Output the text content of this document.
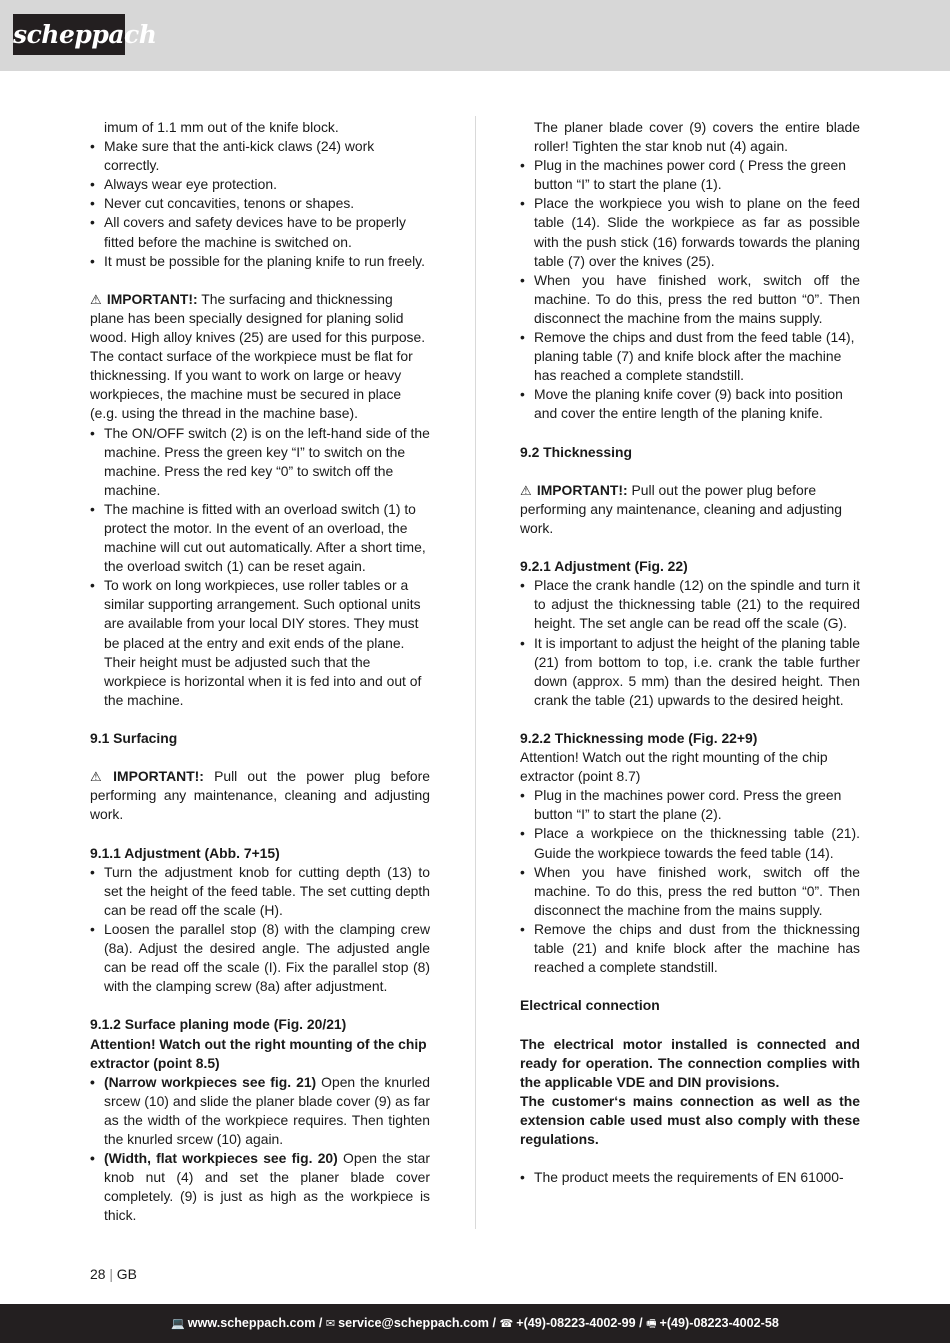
scheppach

imum of 1.1 mm out of the knife block.

• Make sure that the anti-kick claws (24) work correctly.

• Always wear eye protection.

• Never cut concavities, tenons or shapes.

• All covers and safety devices have to be properly fitted before the machine is switched on.

• It must be possible for the planing knife to run freely.

⚠ IMPORTANT!: The surfacing and thicknessing plane has been specially designed for planing solid wood. High alloy knives (25) are used for this purpose. The contact surface of the workpiece must be flat for thicknessing. If you want to work on large or heavy workpieces, the machine must be secured in place (e.g. using the thread in the machine base).

• The ON/OFF switch (2) is on the left-hand side of the machine. Press the green key “I” to switch on the machine. Press the red key “0” to switch off the machine.

• The machine is fitted with an overload switch (1) to protect the motor. In the event of an overload, the machine will cut out automatically. After a short time, the overload switch (1) can be reset again.

• To work on long workpieces, use roller tables or a similar supporting arrangement. Such optional units are available from your local DIY stores. They must be placed at the entry and exit ends of the plane. Their height must be adjusted such that the workpiece is horizontal when it is fed into and out of the machine.

9.1 Surfacing

⚠ IMPORTANT!: Pull out the power plug before performing any maintenance, cleaning and adjusting work.

9.1.1 Adjustment (Abb. 7+15)

• Turn the adjustment knob for cutting depth (13) to set the height of the feed table. The set cutting depth can be read off the scale (H).

• Loosen the parallel stop (8) with the clamping crew (8a). Adjust the desired angle. The adjusted angle can be read off the scale (I). Fix the parallel stop (8) with the clamping screw (8a) after adjustment.

9.1.2 Surface planing mode (Fig. 20/21)

Attention! Watch out the right mounting of the chip extractor (point 8.5)

• (Narrow workpieces see fig. 21) Open the knurled srcew (10) and slide the planer blade cover (9) as far as the width of the workpiece requires. Then tighten the knurled srcew (10) again.

• (Width, flat workpieces see fig. 20) Open the star knob nut (4) and set the planer blade cover completely. (9) is just as high as the workpiece is thick.

The planer blade cover (9) covers the entire blade roller! Tighten the star knob nut (4) again.

• Plug in the machines power cord ( Press the green button “I” to start the plane (1).

• Place the workpiece you wish to plane on the feed table (14). Slide the workpiece as far as possible with the push stick (16) forwards towards the planing table (7) over the knives (25).

• When you have finished work, switch off the machine. To do this, press the red button “0”. Then disconnect the machine from the mains supply.

• Remove the chips and dust from the feed table (14), planing table (7) and knife block after the machine has reached a complete standstill.

• Move the planing knife cover (9) back into position and cover the entire length of the planing knife.

9.2 Thicknessing

⚠ IMPORTANT!: Pull out the power plug before performing any maintenance, cleaning and adjusting work.

9.2.1 Adjustment (Fig. 22)

• Place the crank handle (12) on the spindle and turn it to adjust the thicknessing table (21) to the required height. The set angle can be read off the scale (G).

• It is important to adjust the height of the planing table (21) from bottom to top, i.e. crank the table further down (approx. 5 mm) than the desired height. Then crank the table (21) upwards to the desired height.

9.2.2 Thicknessing mode (Fig. 22+9)

Attention! Watch out the right mounting of the chip extractor (point 8.7)

• Plug in the machines power cord. Press the green button “I” to start the plane (2).

• Place a workpiece on the thicknessing table (21). Guide the workpiece towards the feed table (14).

• When you have finished work, switch off the machine. To do this, press the red button “0”. Then disconnect the machine from the mains supply.

• Remove the chips and dust from the thicknessing table (21) and knife block after the machine has reached a complete standstill.

Electrical connection

The electrical motor installed is connected and ready for operation. The connection complies with the applicable VDE and DIN provisions.

The customer‘s mains connection as well as the extension cable used must also comply with these regulations.

• The product meets the requirements of EN 61000-

28 | GB
💻 www.scheppach.com / ✉ service@scheppach.com / ☎ +(49)-08223-4002-99 / 🖷 +(49)-08223-4002-58
